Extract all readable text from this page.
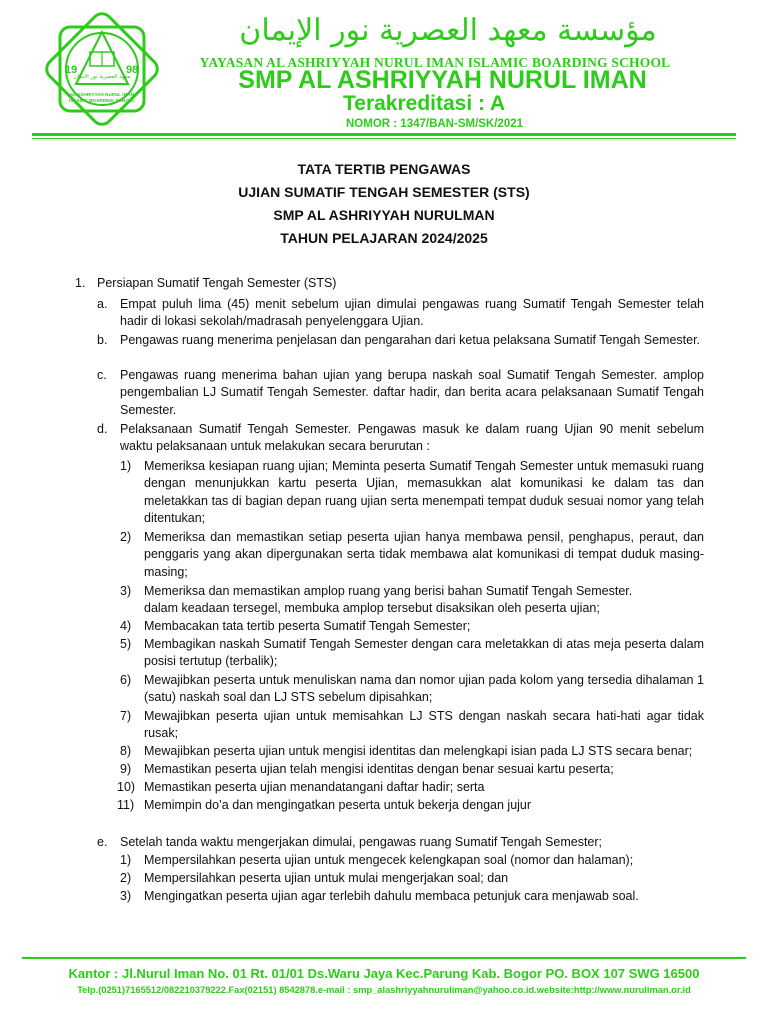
19	98
معهد العصرية نور الايمان
AL ASHRIYYAH NURUL IMAN
ISLAMIC BOARDING SCHOOL
مؤسسة معهد العصرية نور الإيمان
YAYASAN AL ASHRIYYAH NURUL IMAN ISLAMIC BOARDING SCHOOL
SMP AL ASHRIYYAH NURUL IMAN
Terakreditasi : A
NOMOR : 1347/BAN-SM/SK/2021
TATA TERTIB PENGAWAS
UJIAN SUMATIF TENGAH SEMESTER (STS)
SMP AL ASHRIYYAH NURULMAN
TAHUN PELAJARAN 2024/2025
1. Persiapan Sumatif Tengah Semester (STS)
a. Empat puluh lima (45) menit sebelum ujian dimulai pengawas ruang Sumatif Tengah Semester telah hadir di lokasi sekolah/madrasah penyelenggara Ujian.
b. Pengawas ruang menerima penjelasan dan pengarahan dari ketua pelaksana Sumatif Tengah Semester.
c. Pengawas ruang menerima bahan ujian yang berupa naskah soal Sumatif Tengah Semester. amplop pengembalian LJ Sumatif Tengah Semester. daftar hadir, dan berita acara pelaksanaan Sumatif Tengah Semester.
d. Pelaksanaan Sumatif Tengah Semester. Pengawas masuk ke dalam ruang Ujian 90 menit sebelum waktu pelaksanaan untuk melakukan secara berurutan :
1) Memeriksa kesiapan ruang ujian; Meminta peserta Sumatif Tengah Semester untuk memasuki ruang dengan menunjukkan kartu peserta Ujian, memasukkan alat komunikasi ke dalam tas dan meletakkan tas di bagian depan ruang ujian serta menempati tempat duduk sesuai nomor yang telah ditentukan;
2) Memeriksa dan memastikan setiap peserta ujian hanya membawa pensil, penghapus, peraut, dan penggaris yang akan dipergunakan serta tidak membawa alat komunikasi di tempat duduk masing-masing;
3) Memeriksa dan memastikan amplop ruang yang berisi bahan Sumatif Tengah Semester.
dalam keadaan tersegel, membuka amplop tersebut disaksikan oleh peserta ujian;
4) Membacakan tata tertib peserta Sumatif Tengah Semester;
5) Membagikan naskah Sumatif Tengah Semester dengan cara meletakkan di atas meja peserta dalam posisi tertutup (terbalik);
6) Mewajibkan peserta untuk menuliskan nama dan nomor ujian pada kolom yang tersedia dihalaman 1 (satu) naskah soal dan LJ STS sebelum dipisahkan;
7) Mewajibkan peserta ujian untuk memisahkan LJ STS dengan naskah secara hati-hati agar tidak rusak;
8) Mewajibkan peserta ujian untuk mengisi identitas dan melengkapi isian pada LJ STS secara benar;
9) Memastikan peserta ujian telah mengisi identitas dengan benar sesuai kartu peserta;
10) Memastikan peserta ujian menandatangani daftar hadir; serta
11) Memimpin do’a dan mengingatkan peserta untuk bekerja dengan jujur
e. Setelah tanda waktu mengerjakan dimulai, pengawas ruang Sumatif Tengah Semester;
1) Mempersilahkan peserta ujian untuk mengecek kelengkapan soal (nomor dan halaman);
2) Mempersilahkan peserta ujian untuk mulai mengerjakan soal; dan
3) Mengingatkan peserta ujian agar terlebih dahulu membaca petunjuk cara menjawab soal.
Kantor : Jl.Nurul Iman No. 01 Rt. 01/01 Ds.Waru Jaya Kec.Parung Kab. Bogor PO. BOX 107 SWG 16500
Telp.(0251)7165512/082210379222.Fax(02151) 8542878.e-mail : smp_alashriyyahnuruliman@yahoo.co.id.website:http://www.nuruliman.or.id
